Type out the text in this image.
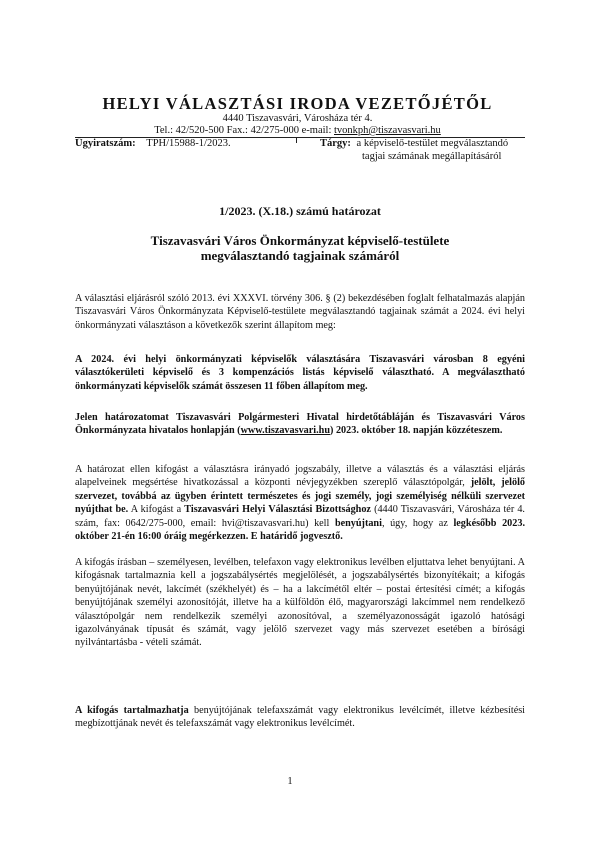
HELYI VÁLASZTÁSI IRODA VEZETŐJÉTŐL
4440 Tiszavasvári, Városháza tér 4.
Tel.: 42/520-500 Fax.: 42/275-000 e-mail: tvonkph@tiszavasvari.hu
Ügyiratszám: TPH/15988-1/2023.	Tárgy: a képviselő-testület megválasztandó
tagjai számának megállapításáról
1/2023. (X.18.) számú határozat
Tiszavasvári Város Önkormányzat képviselő-testülete
megválasztandó tagjainak számáról
A választási eljárásról szóló 2013. évi XXXVI. törvény 306. § (2) bekezdésében foglalt felhatalmazás alapján Tiszavasvári Város Önkormányzata Képviselő-testülete megválasztandó tagjainak számát a 2024. évi helyi önkormányzati választáson a következők szerint állapítom meg:
A 2024. évi helyi önkormányzati képviselők választására Tiszavasvári városban 8 egyéni választókerületi képviselő és 3 kompenzációs listás képviselő választható. A megválasztható önkormányzati képviselők számát összesen 11 főben állapítom meg.
Jelen határozatomat Tiszavasvári Polgármesteri Hivatal hirdetőtábláján és Tiszavasvári Város Önkormányzata hivatalos honlapján (www.tiszavasvari.hu) 2023. október 18. napján közzéteszem.
A határozat ellen kifogást a választásra irányadó jogszabály, illetve a választás és a választási eljárás alapelveinek megsértése hivatkozással a központi névjegyzékben szereplő választópolgár, jelölt, jelölő szervezet, továbbá az ügyben érintett természetes és jogi személy, jogi személyiség nélküli szervezet nyújthat be. A kifogást a Tiszavasvári Helyi Választási Bizottsághoz (4440 Tiszavasvári, Városháza tér 4. szám, fax: 0642/275-000, email: hvi@tiszavasvari.hu) kell benyújtani, úgy, hogy az legkésőbb 2023. október 21-én 16:00 óráig megérkezzen. E határidő jogvesztő.
A kifogás írásban – személyesen, levélben, telefaxon vagy elektronikus levélben eljuttatva lehet benyújtani. A kifogásnak tartalmaznia kell a jogszabálysértés megjelölését, a jogszabálysértés bizonyítékait; a kifogás benyújtójának nevét, lakcímét (székhelyét) és – ha a lakcímétől eltér – postai értesítési címét; a kifogás benyújtójának személyi azonosítóját, illetve ha a külföldön élő, magyarországi lakcímmel nem rendelkező választópolgár nem rendelkezik személyi azonosítóval, a személyazonosságát igazoló hatósági igazolványának típusát és számát, vagy jelölő szervezet vagy más szervezet esetében a bírósági nyilvántartásba - vételi számát.
A kifogás tartalmazhatja benyújtójának telefaxszámát vagy elektronikus levélcímét, illetve kézbesítési megbízottjának nevét és telefaxszámát vagy elektronikus levélcímét.
1
